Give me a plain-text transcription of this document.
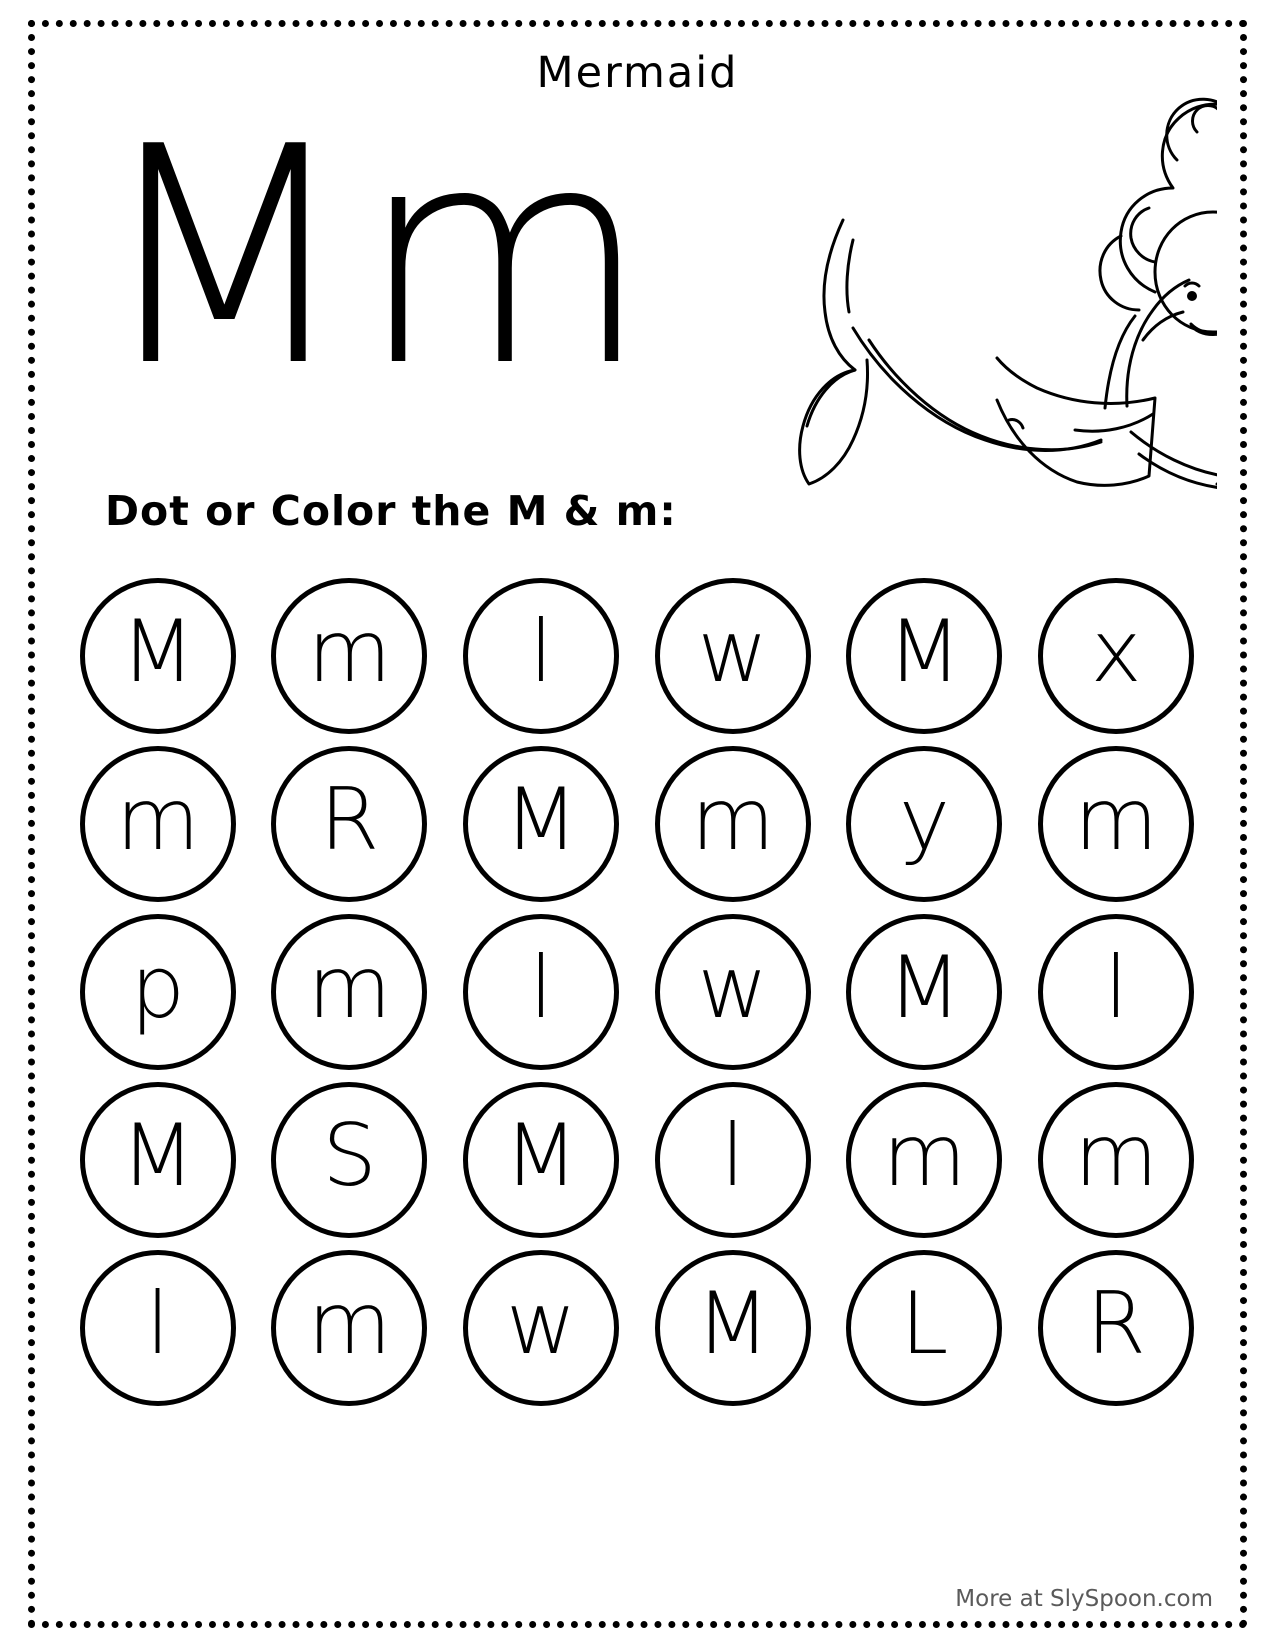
Mermaid
Mm
Dot or Color the M & m:
M m l w M x
m R M m y m
p m l w M l
M S M l m m
l m w M L R
More at SlySpoon.com
